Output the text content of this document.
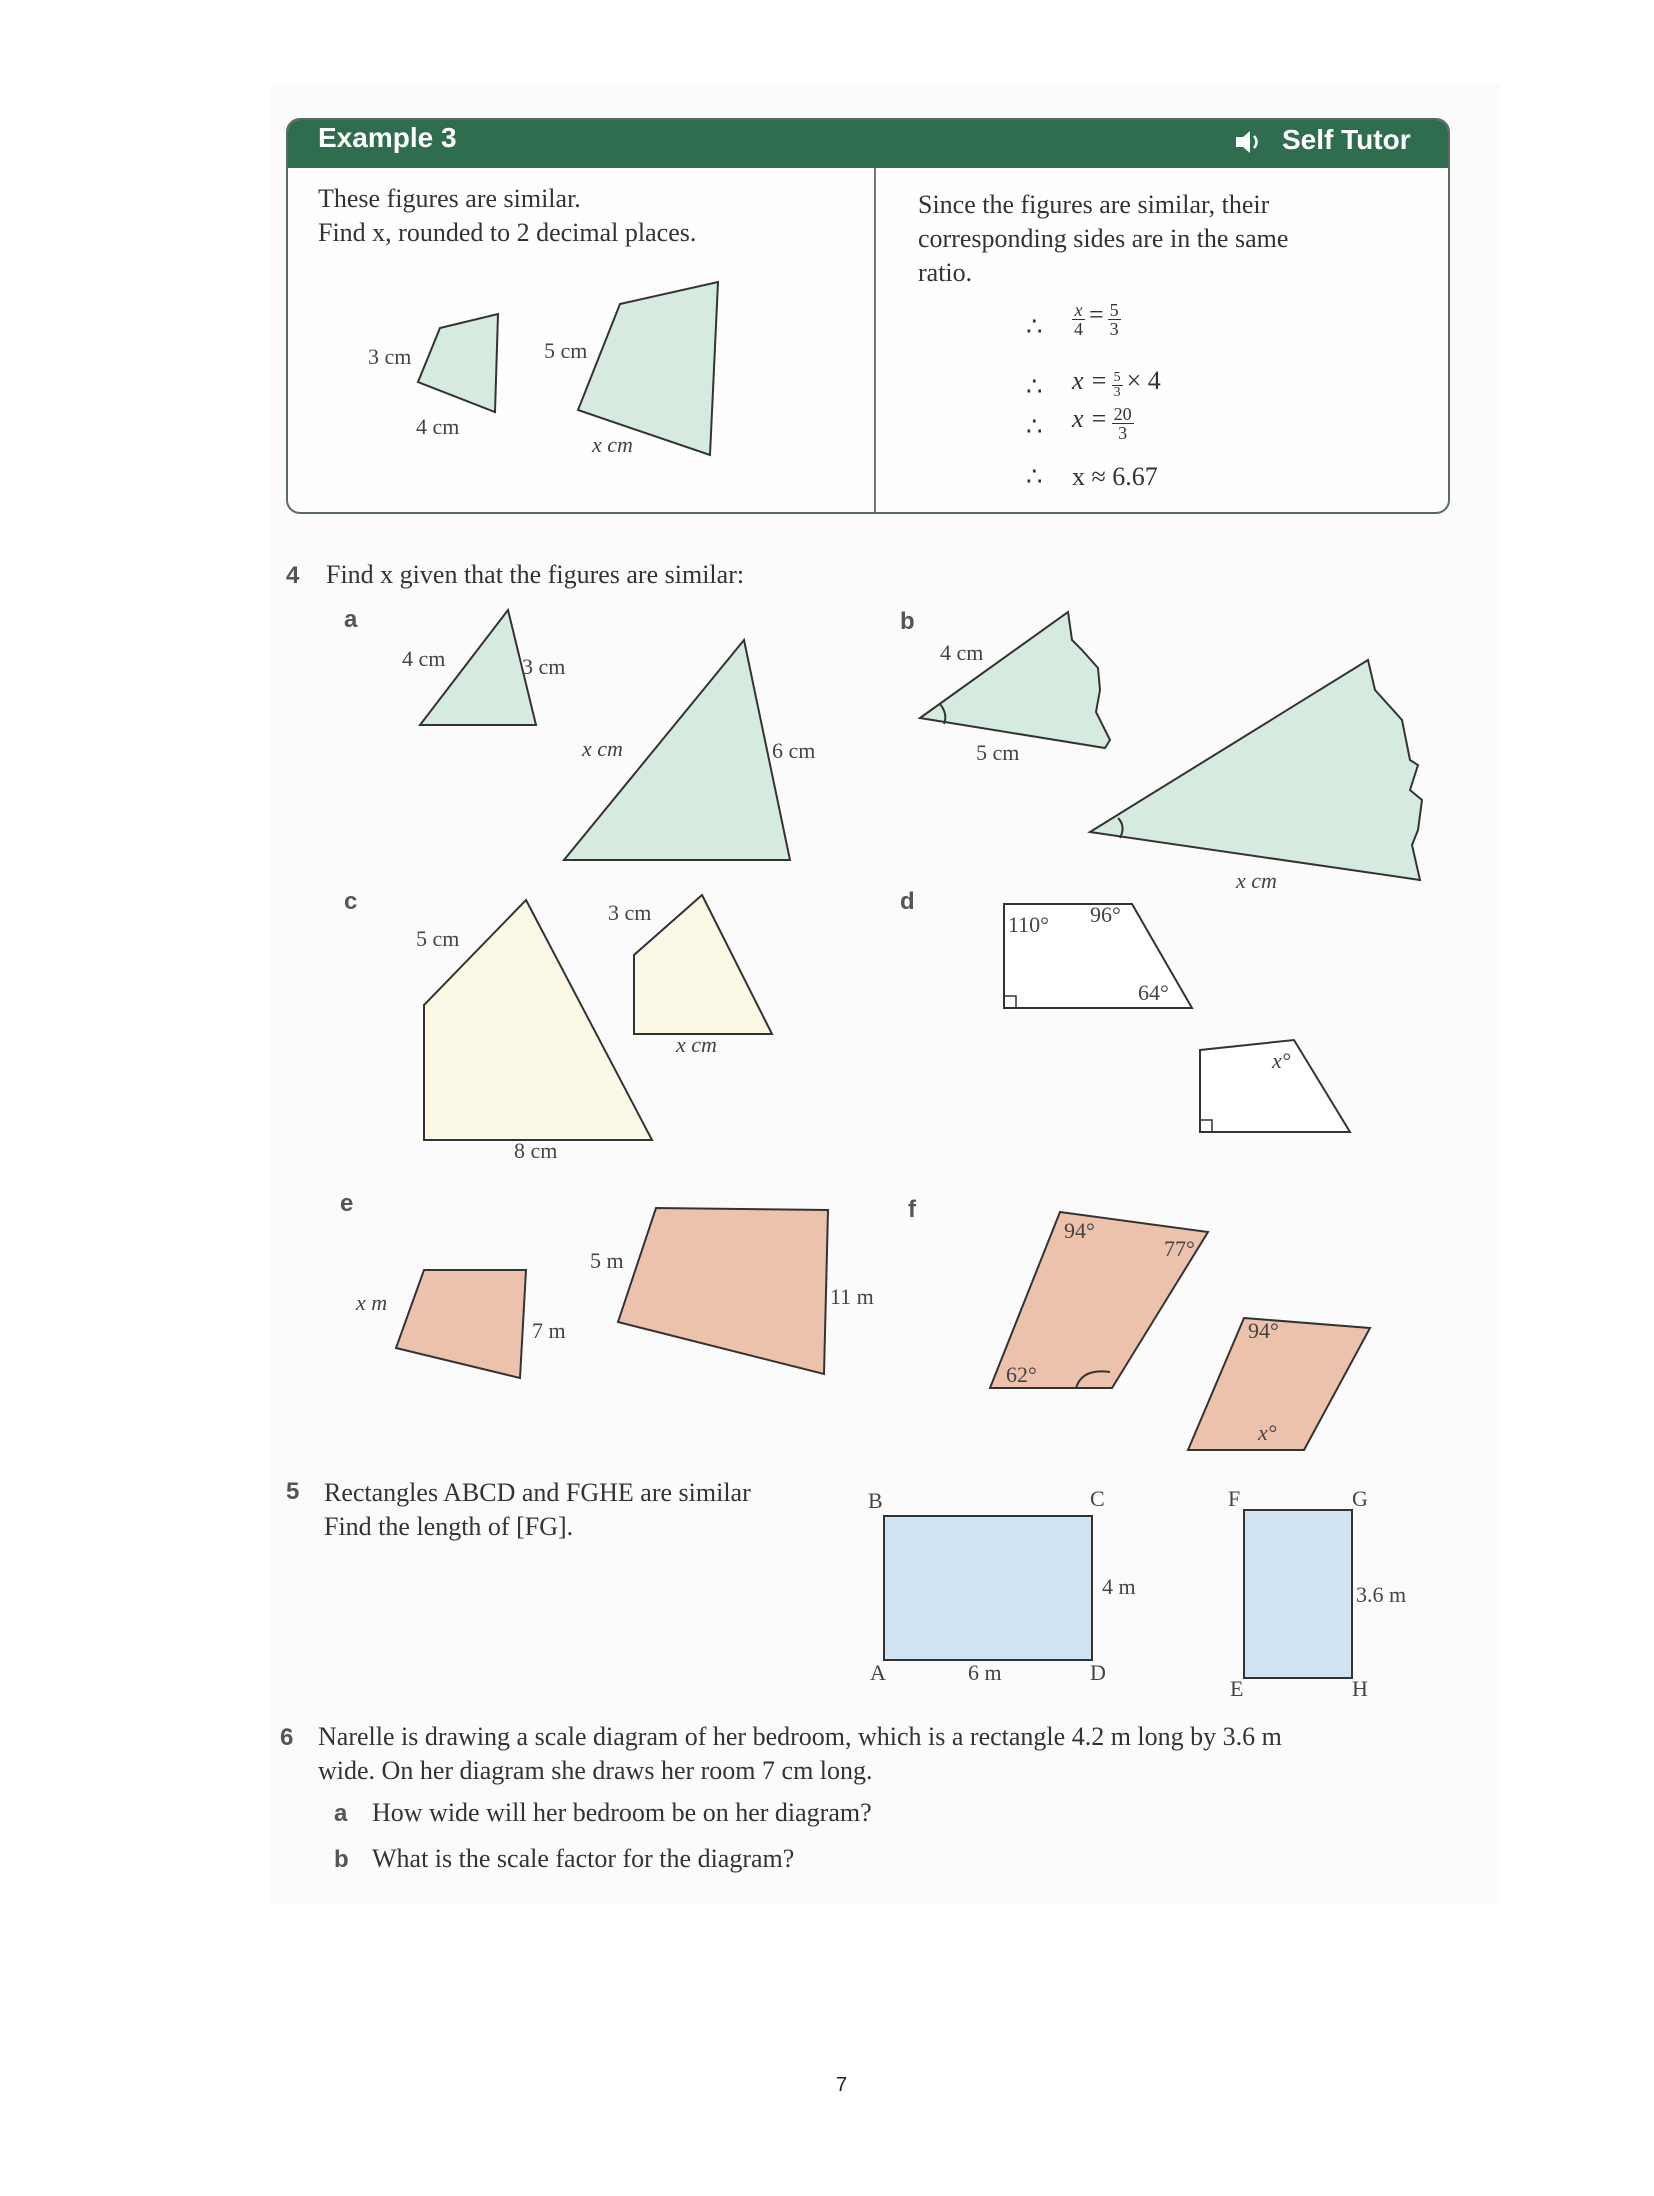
Example 3	Self Tutor
These figures are similar.
Find x, rounded to 2 decimal places.
3 cm
4 cm
5 cm
x cm
Since the figures are similar, their
corresponding sides are in the same
ratio.
∴ $\frac{x}{4} = \frac{5}{3}$
∴ $x = \frac{5}{3} \times 4$
∴ $x = \frac{20}{3}$
∴ x ≈ 6.67
4 Find x given that the figures are similar:
a
4 cm	3 cm
x cm	6 cm
b
4 cm
5 cm
x cm
c
5 cm
8 cm
3 cm
x cm
d
110° 96°
64°
x°
e
x m
7 m
5 m
11 m
f
94°
77°
62°
94°
x°
5 Rectangles ABCD and FGHE are similar
Find the length of [FG].
B	C
A	D
4 m
6 m
F	G
E	H
3.6 m
6 Narelle is drawing a scale diagram of her bedroom, which is a rectangle 4.2 m long by 3.6 m
wide. On her diagram she draws her room 7 cm long.
a How wide will her bedroom be on her diagram?
b What is the scale factor for the diagram?
7
